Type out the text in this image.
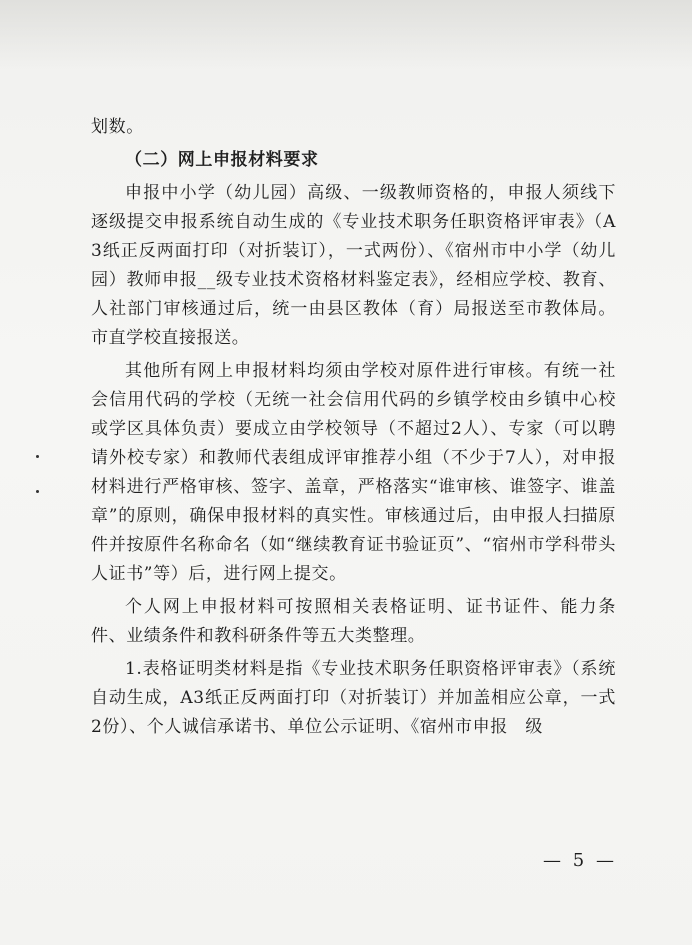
划数。

（二）网上申报材料要求

申报中小学（幼儿园）高级、一级教师资格的，申报人须线下逐级提交申报系统自动生成的《专业技术职务任职资格评审表》（A3纸正反两面打印（对折装订），一式两份）、《宿州市中小学（幼儿园）教师申报__级专业技术资格材料鉴定表》，经相应学校、教育、人社部门审核通过后，统一由县区教体（育）局报送至市教体局。市直学校直接报送。

其他所有网上申报材料均须由学校对原件进行审核。有统一社会信用代码的学校（无统一社会信用代码的乡镇学校由乡镇中心校或学区具体负责）要成立由学校领导（不超过2人）、专家（可以聘请外校专家）和教师代表组成评审推荐小组（不少于7人），对申报材料进行严格审核、签字、盖章，严格落实“谁审核、谁签字、谁盖章”的原则，确保申报材料的真实性。审核通过后，由申报人扫描原件并按原件名称命名（如“继续教育证书验证页”、“宿州市学科带头人证书”等）后，进行网上提交。

个人网上申报材料可按照相关表格证明、证书证件、能力条件、业绩条件和教科研条件等五大类整理。

1.表格证明类材料是指《专业技术职务任职资格评审表》（系统自动生成，A3纸正反两面打印（对折装订）并加盖相应公章，一式2份）、个人诚信承诺书、单位公示证明、《宿州市申报　级

— 5 —
